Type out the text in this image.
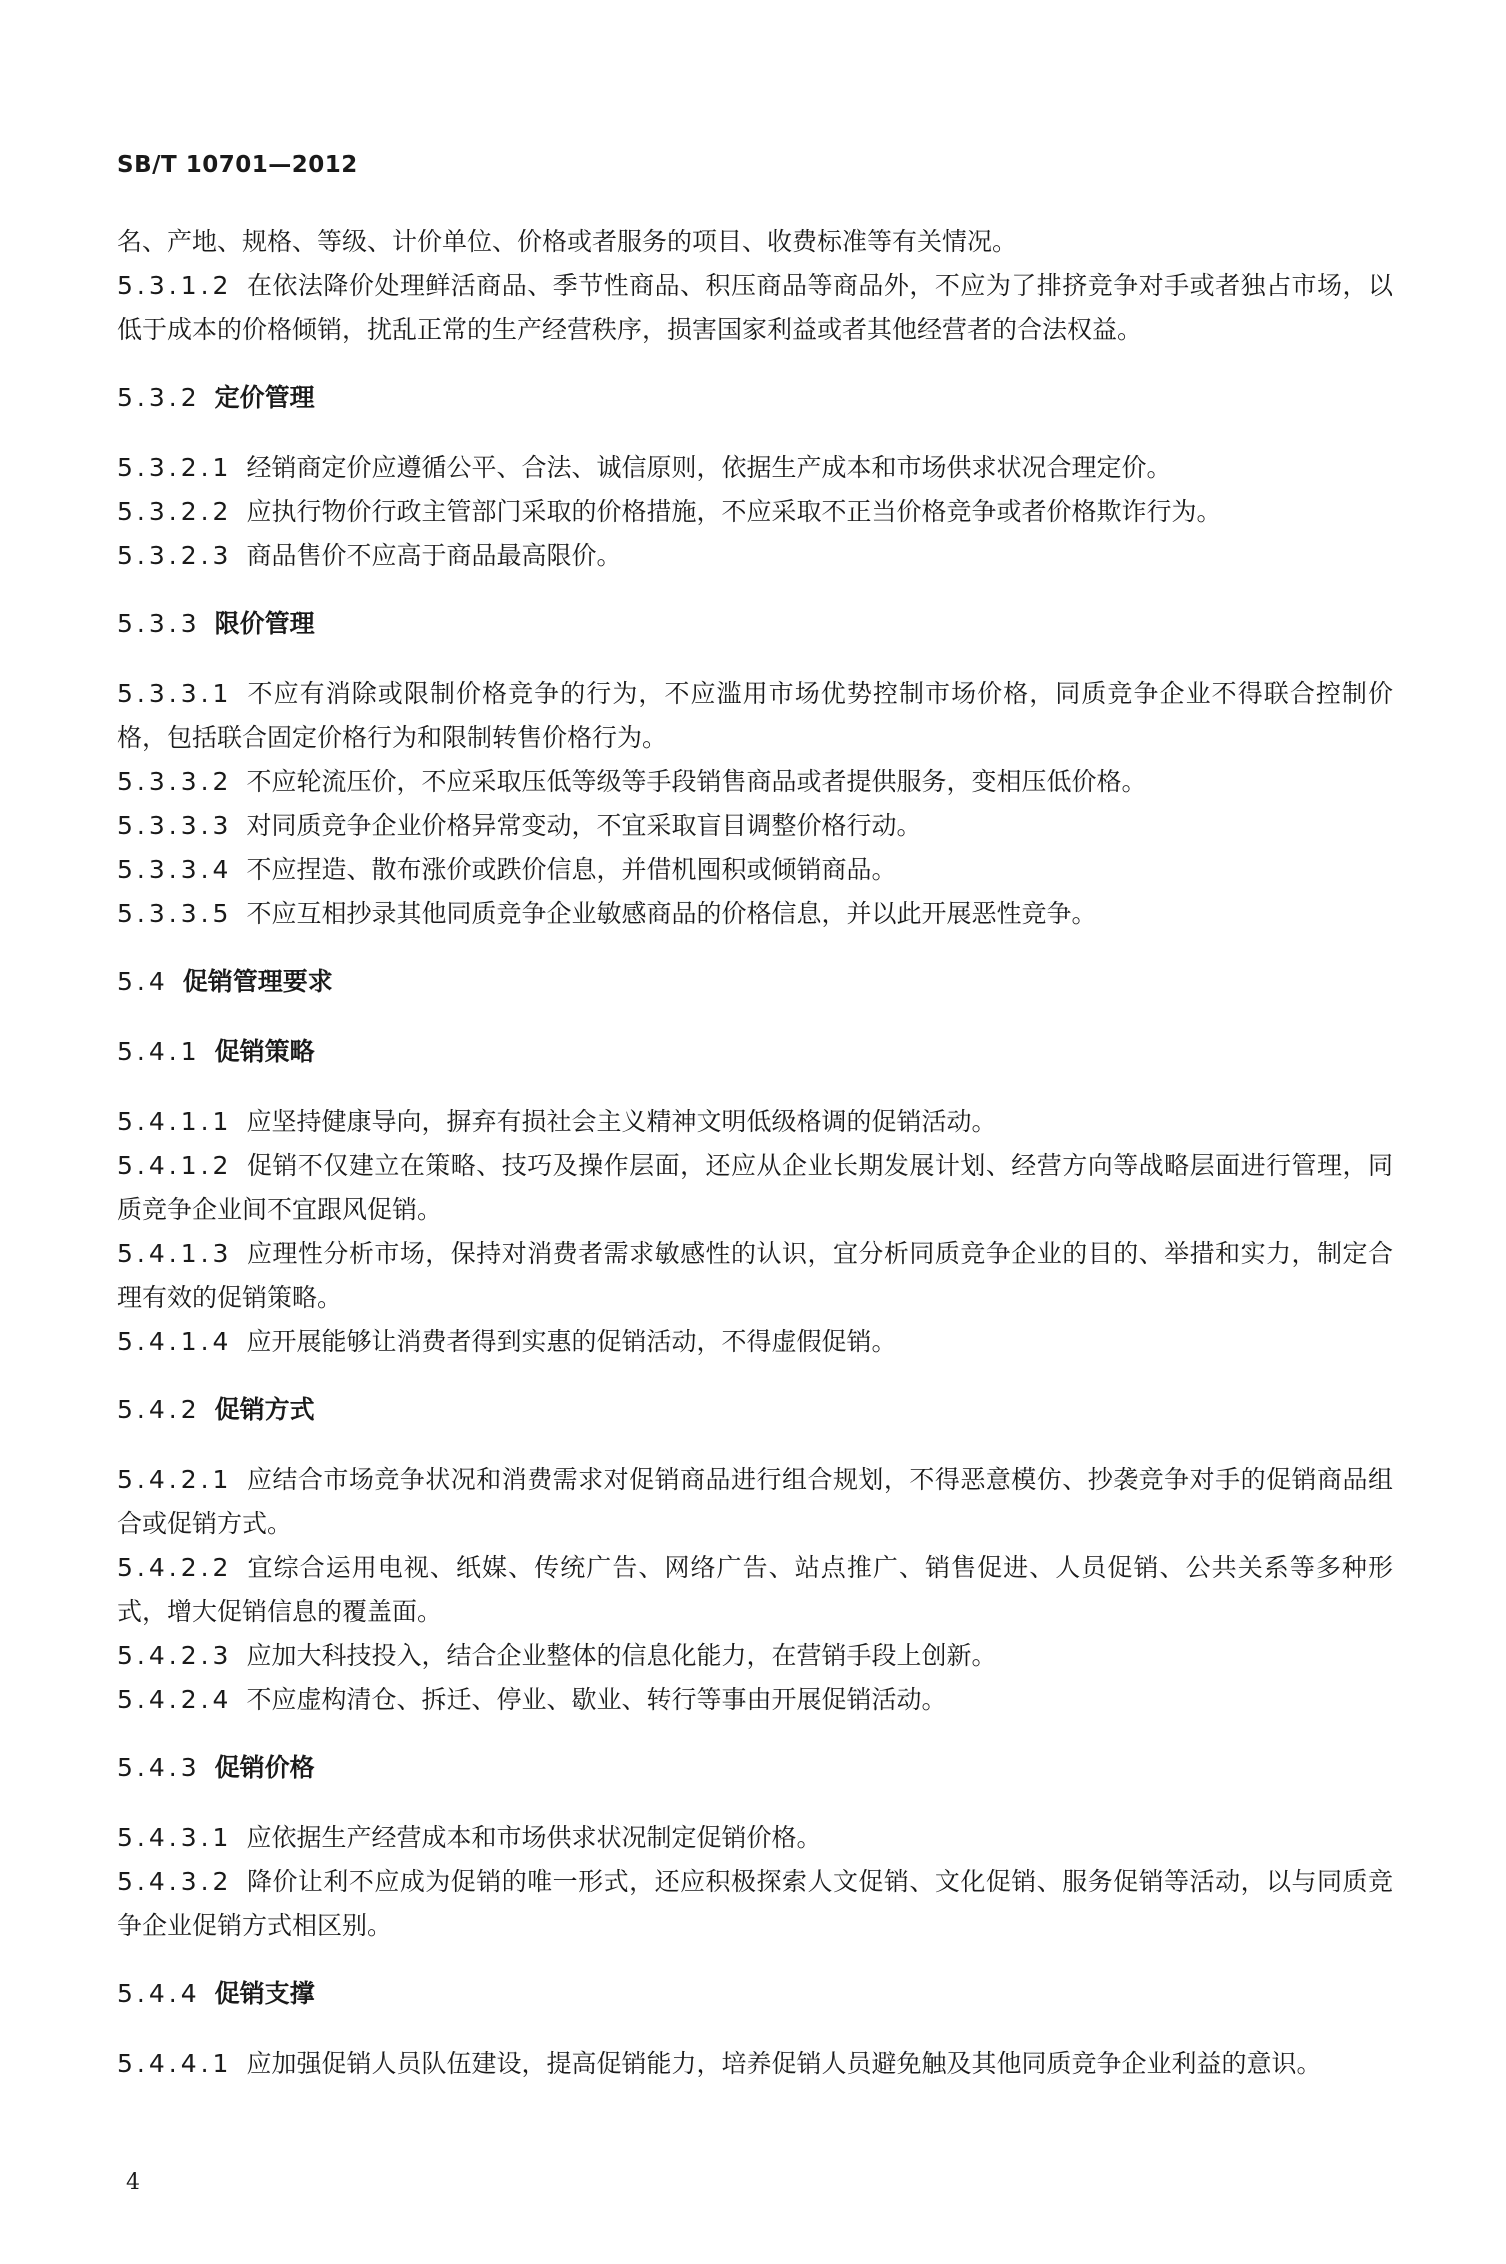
SB/T 10701—2012
名、产地、规格、等级、计价单位、价格或者服务的项目、收费标准等有关情况。
5.3.1.2 在依法降价处理鲜活商品、季节性商品、积压商品等商品外，不应为了排挤竞争对手或者独占市场，以低于成本的价格倾销，扰乱正常的生产经营秩序，损害国家利益或者其他经营者的合法权益。
5.3.2 定价管理
5.3.2.1 经销商定价应遵循公平、合法、诚信原则，依据生产成本和市场供求状况合理定价。
5.3.2.2 应执行物价行政主管部门采取的价格措施，不应采取不正当价格竞争或者价格欺诈行为。
5.3.2.3 商品售价不应高于商品最高限价。
5.3.3 限价管理
5.3.3.1 不应有消除或限制价格竞争的行为，不应滥用市场优势控制市场价格，同质竞争企业不得联合控制价格，包括联合固定价格行为和限制转售价格行为。
5.3.3.2 不应轮流压价，不应采取压低等级等手段销售商品或者提供服务，变相压低价格。
5.3.3.3 对同质竞争企业价格异常变动，不宜采取盲目调整价格行动。
5.3.3.4 不应捏造、散布涨价或跌价信息，并借机囤积或倾销商品。
5.3.3.5 不应互相抄录其他同质竞争企业敏感商品的价格信息，并以此开展恶性竞争。
5.4 促销管理要求
5.4.1 促销策略
5.4.1.1 应坚持健康导向，摒弃有损社会主义精神文明低级格调的促销活动。
5.4.1.2 促销不仅建立在策略、技巧及操作层面，还应从企业长期发展计划、经营方向等战略层面进行管理，同质竞争企业间不宜跟风促销。
5.4.1.3 应理性分析市场，保持对消费者需求敏感性的认识，宜分析同质竞争企业的目的、举措和实力，制定合理有效的促销策略。
5.4.1.4 应开展能够让消费者得到实惠的促销活动，不得虚假促销。
5.4.2 促销方式
5.4.2.1 应结合市场竞争状况和消费需求对促销商品进行组合规划，不得恶意模仿、抄袭竞争对手的促销商品组合或促销方式。
5.4.2.2 宜综合运用电视、纸媒、传统广告、网络广告、站点推广、销售促进、人员促销、公共关系等多种形式，增大促销信息的覆盖面。
5.4.2.3 应加大科技投入，结合企业整体的信息化能力，在营销手段上创新。
5.4.2.4 不应虚构清仓、拆迁、停业、歇业、转行等事由开展促销活动。
5.4.3 促销价格
5.4.3.1 应依据生产经营成本和市场供求状况制定促销价格。
5.4.3.2 降价让利不应成为促销的唯一形式，还应积极探索人文促销、文化促销、服务促销等活动，以与同质竞争企业促销方式相区别。
5.4.4 促销支撑
5.4.4.1 应加强促销人员队伍建设，提高促销能力，培养促销人员避免触及其他同质竞争企业利益的意识。
4
